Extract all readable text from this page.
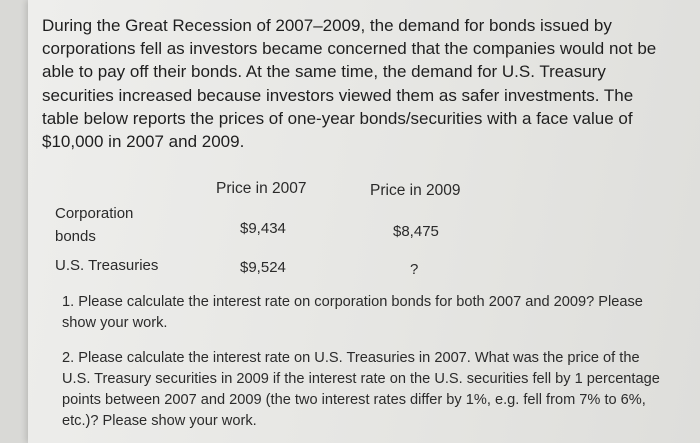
During the Great Recession of 2007–2009, the demand for bonds issued by corporations fell as investors became concerned that the companies would not be able to pay off their bonds. At the same time, the demand for U.S. Treasury securities increased because investors viewed them as safer investments. The table below reports the prices of one-year bonds/securities with a face value of $10,000 in 2007 and 2009.

Price in 2007	Price in 2009
Corporation
bonds	$9,434	$8,475
U.S. Treasuries	$9,524	?

1. Please calculate the interest rate on corporation bonds for both 2007 and 2009? Please show your work.

2. Please calculate the interest rate on U.S. Treasuries in 2007. What was the price of the U.S. Treasury securities in 2009 if the interest rate on the U.S. securities fell by 1 percentage points between 2007 and 2009 (the two interest rates differ by 1%, e.g. fell from 7% to 6%, etc.)? Please show your work.
